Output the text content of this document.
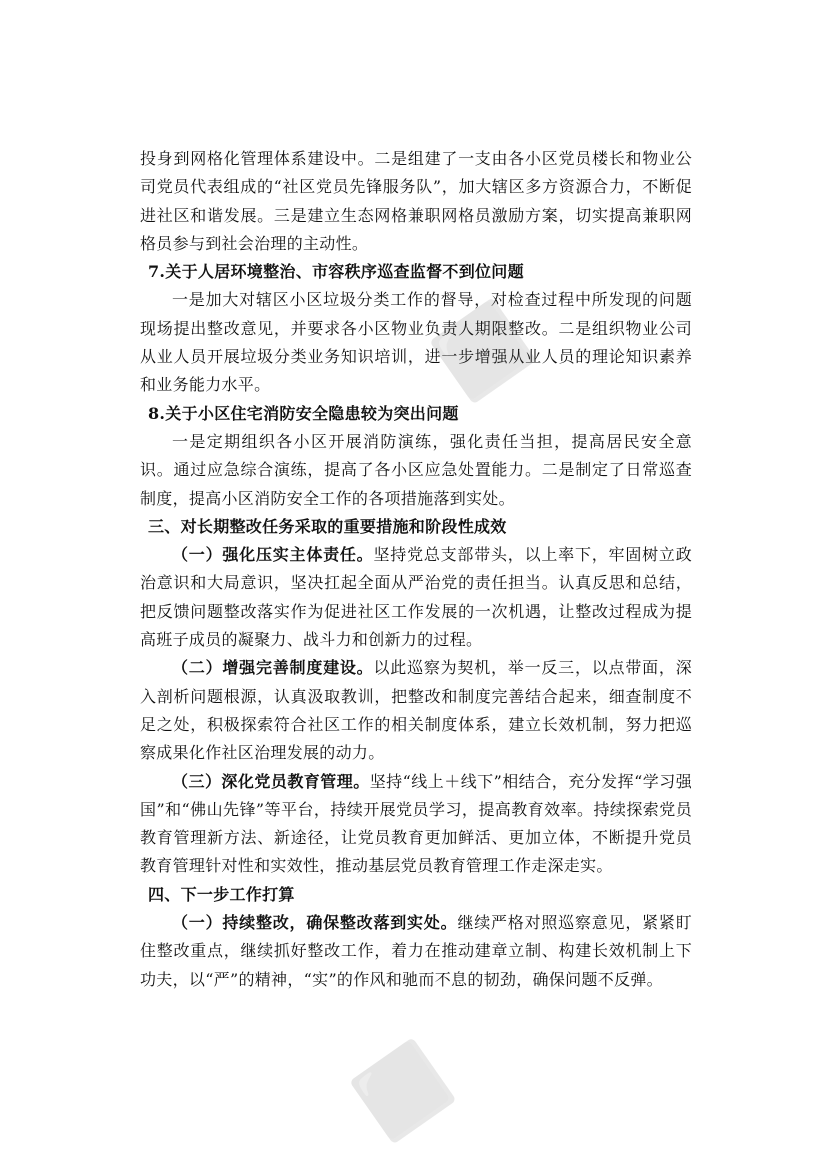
投身到网格化管理体系建设中。二是组建了一支由各小区党员楼长和物业公司党员代表组成的“社区党员先锋服务队”，加大辖区多方资源合力，不断促进社区和谐发展。三是建立生态网格兼职网格员激励方案，切实提高兼职网格员参与到社会治理的主动性。

7.关于人居环境整治、市容秩序巡查监督不到位问题

一是加大对辖区小区垃圾分类工作的督导，对检查过程中所发现的问题现场提出整改意见，并要求各小区物业负责人期限整改。二是组织物业公司从业人员开展垃圾分类业务知识培训，进一步增强从业人员的理论知识素养和业务能力水平。

8.关于小区住宅消防安全隐患较为突出问题

一是定期组织各小区开展消防演练，强化责任当担，提高居民安全意识。通过应急综合演练，提高了各小区应急处置能力。二是制定了日常巡查制度，提高小区消防安全工作的各项措施落到实处。

三、对长期整改任务采取的重要措施和阶段性成效

（一）强化压实主体责任。坚持党总支部带头，以上率下，牢固树立政治意识和大局意识，坚决扛起全面从严治党的责任担当。认真反思和总结，把反馈问题整改落实作为促进社区工作发展的一次机遇，让整改过程成为提高班子成员的凝聚力、战斗力和创新力的过程。

（二）增强完善制度建设。以此巡察为契机，举一反三，以点带面，深入剖析问题根源，认真汲取教训，把整改和制度完善结合起来，细查制度不足之处，积极探索符合社区工作的相关制度体系，建立长效机制，努力把巡察成果化作社区治理发展的动力。

（三）深化党员教育管理。坚持“线上＋线下”相结合，充分发挥“学习强国”和“佛山先锋”等平台，持续开展党员学习，提高教育效率。持续探索党员教育管理新方法、新途径，让党员教育更加鲜活、更加立体，不断提升党员教育管理针对性和实效性，推动基层党员教育管理工作走深走实。

四、下一步工作打算

（一）持续整改，确保整改落到实处。继续严格对照巡察意见，紧紧盯住整改重点，继续抓好整改工作，着力在推动建章立制、构建长效机制上下功夫，以“严”的精神，“实”的作风和驰而不息的韧劲，确保问题不反弹。

⬛
⬛
